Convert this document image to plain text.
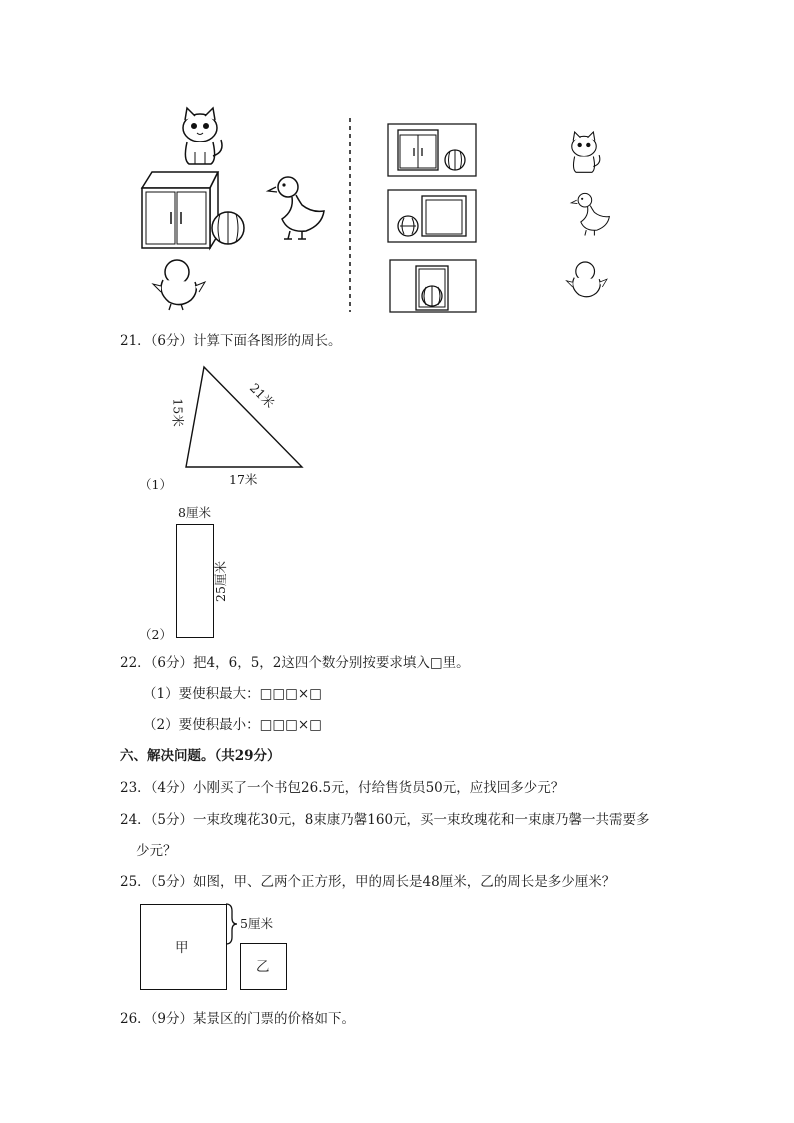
21．（6分）计算下面各图形的周长。
15米
21米
17米
（1）
8厘米
25厘米
（2）
22．（6分）把4，6，5，2这四个数分别按要求填入□里。
（1）要使积最大：□□□×□
（2）要使积最小：□□□×□
六、解决问题。（共29分）
23．（4分）小刚买了一个书包26.5元，付给售货员50元，应找回多少元？
24．（5分）一束玫瑰花30元，8束康乃馨160元，买一束玫瑰花和一束康乃馨一共需要多
少元？
25．（5分）如图，甲、乙两个正方形，甲的周长是48厘米，乙的周长是多少厘米？
甲
乙
5厘米
26．（9分）某景区的门票的价格如下。
